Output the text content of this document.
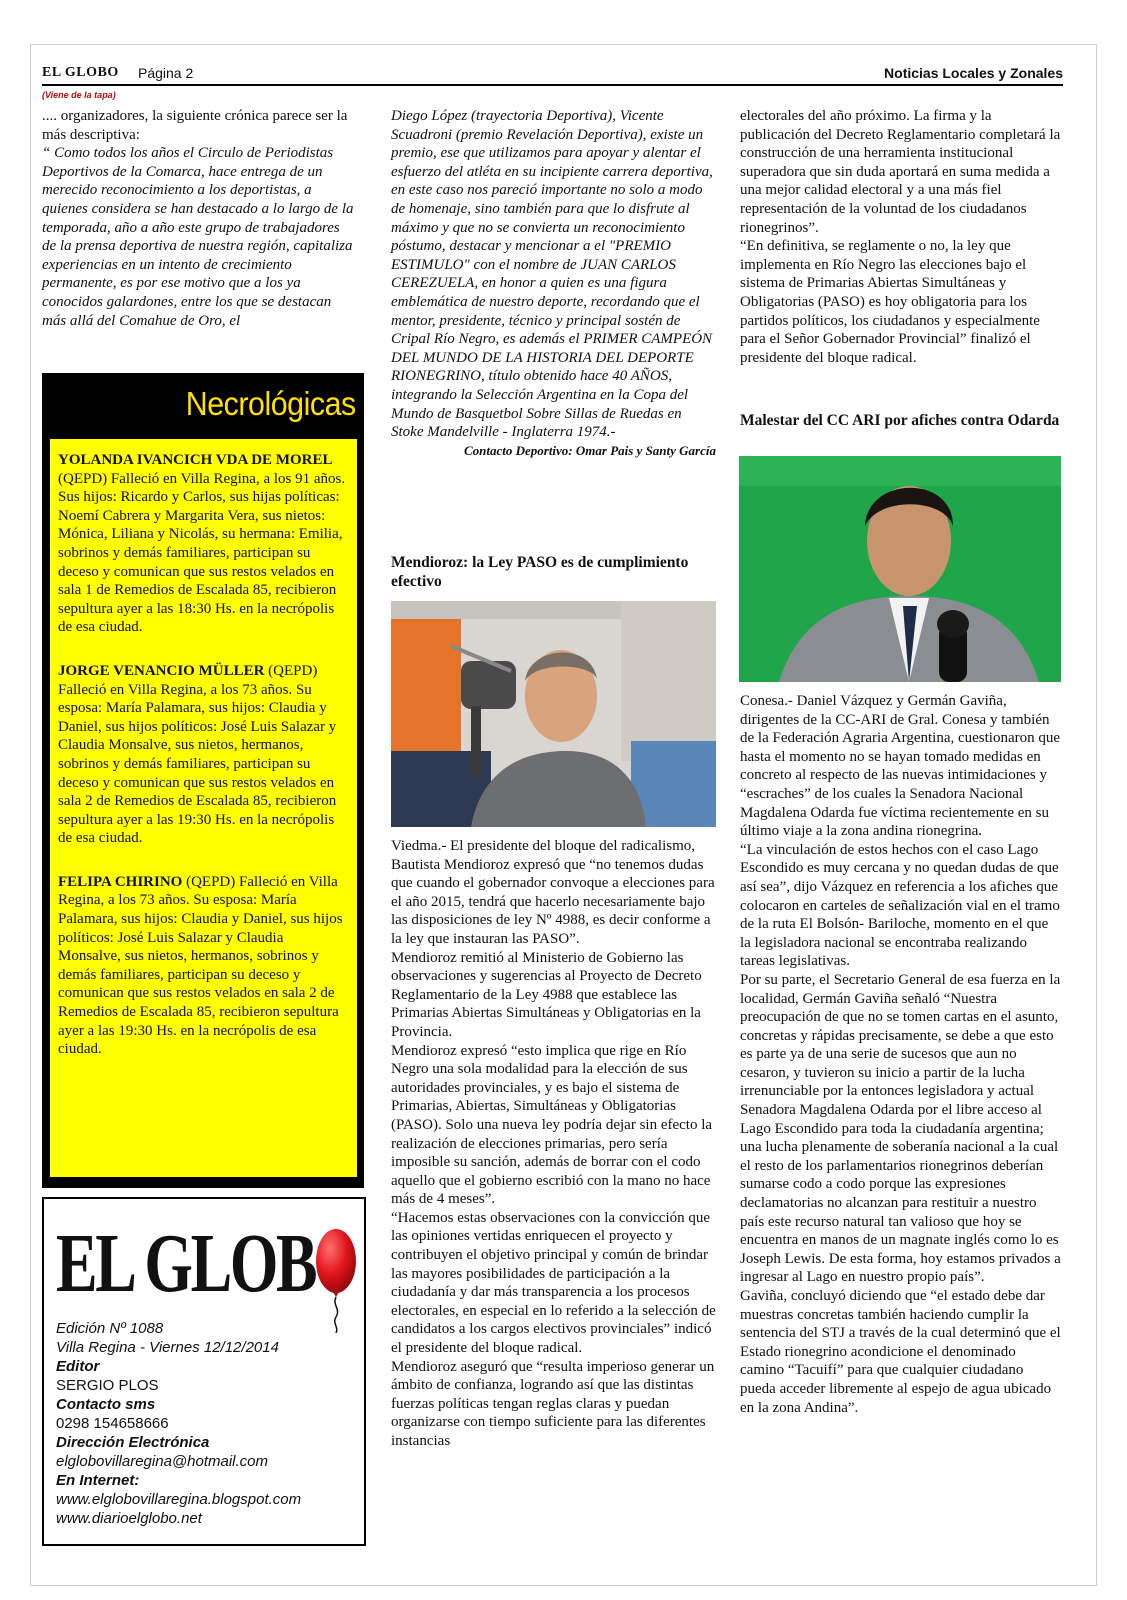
EL GLOBO Página 2	Noticias Locales y Zonales
(Viene de la tapa)

.... organizadores, la siguiente crónica parece ser la más descriptiva:

“ Como todos los años el Circulo de Periodistas Deportivos de la Comarca, hace entrega de un merecido reconocimiento a los deportistas, a quienes considera se han destacado a lo largo de la temporada, año a año este grupo de trabajadores de la prensa deportiva de nuestra región, capitaliza experiencias en un intento de crecimiento permanente, es por ese motivo que a los ya conocidos galardones, entre los que se destacan más allá del Comahue de Oro, el

Necrológicas

YOLANDA IVANCICH VDA DE MOREL (QEPD) Falleció en Villa Regina, a los 91 años. Sus hijos: Ricardo y Carlos, sus hijas políticas: Noemí Cabrera y Margarita Vera, sus nietos: Mónica, Liliana y Nicolás, su hermana: Emilia, sobrinos y demás familiares, participan su deceso y comunican que sus restos velados en sala 1 de Remedios de Escalada 85, recibieron sepultura ayer a las 18:30 Hs. en la necrópolis de esa ciudad.

JORGE VENANCIO MÜLLER (QEPD) Falleció en Villa Regina, a los 73 años. Su esposa: María Palamara, sus hijos: Claudia y Daniel, sus hijos políticos: José Luis Salazar y Claudia Monsalve, sus nietos, hermanos, sobrinos y demás familiares, participan su deceso y comunican que sus restos velados en sala 2 de Remedios de Escalada 85, recibieron sepultura ayer a las 19:30 Hs. en la necrópolis de esa ciudad.

FELIPA CHIRINO (QEPD) Falleció en Villa Regina, a los 73 años. Su esposa: María Palamara, sus hijos: Claudia y Daniel, sus hijos políticos: José Luis Salazar y Claudia Monsalve, sus nietos, hermanos, sobrinos y demás familiares, participan su deceso y comunican que sus restos velados en sala 2 de Remedios de Escalada 85, recibieron sepultura ayer a las 19:30 Hs. en la necrópolis de esa ciudad.

EL GLOB
Edición Nº 1088
Villa Regina - Viernes 12/12/2014
Editor
SERGIO PLOS
Contacto sms
0298 154658666
Dirección Electrónica
elglobovillaregina@hotmail.com
En Internet:
www.elglobovillaregina.blogspot.com
www.diarioelglobo.net

Diego López (trayectoria Deportiva), Vicente Scuadroni (premio Revelación Deportiva), existe un premio, ese que utilizamos para apoyar y alentar el esfuerzo del atléta en su incipiente carrera deportiva, en este caso nos pareció importante no solo a modo de homenaje, sino también para que lo disfrute al máximo y que no se convierta un reconocimiento póstumo, destacar y mencionar a el "PREMIO ESTIMULO" con el nombre de JUAN CARLOS CEREZUELA, en honor a quien es una figura emblemática de nuestro deporte, recordando que el mentor, presidente, técnico y principal sostén de Cripal Río Negro, es además el PRIMER CAMPEÓN DEL MUNDO DE LA HISTORIA DEL DEPORTE RIONEGRINO, título obtenido hace 40 AÑOS, integrando la Selección Argentina en la Copa del Mundo de Basquetbol Sobre Sillas de Ruedas en Stoke Mandelville - Inglaterra 1974.-

Contacto Deportivo: Omar Pais y Santy García

Mendioroz: la Ley PASO es de cumplimiento efectivo

Viedma.- El presidente del bloque del radicalismo, Bautista Mendioroz expresó que “no tenemos dudas que cuando el gobernador convoque a elecciones para el año 2015, tendrá que hacerlo necesariamente bajo las disposiciones de ley Nº 4988, es decir conforme a la ley que instauran las PASO”.

Mendioroz remitió al Ministerio de Gobierno las observaciones y sugerencias al Proyecto de Decreto Reglamentario de la Ley 4988 que establece las Primarias Abiertas Simultáneas y Obligatorias en la Provincia.

Mendioroz expresó “esto implica que rige en Río Negro una sola modalidad para la elección de sus autoridades provinciales, y es bajo el sistema de Primarias, Abiertas, Simultáneas y Obligatorias (PASO). Solo una nueva ley podría dejar sin efecto la realización de elecciones primarias, pero sería imposible su sanción, además de borrar con el codo aquello que el gobierno escribió con la mano no hace más de 4 meses”.

“Hacemos estas observaciones con la convicción que las opiniones vertidas enriquecen el proyecto y contribuyen el objetivo principal y común de brindar las mayores posibilidades de participación a la ciudadanía y dar más transparencia a los procesos electorales, en especial en lo referido a la selección de candidatos a los cargos electivos provinciales” indicó el presidente del bloque radical.

Mendioroz aseguró que “resulta imperioso generar un ámbito de confianza, logrando así que las distintas fuerzas políticas tengan reglas claras y puedan organizarse con tiempo suficiente para las diferentes instancias

electorales del año próximo. La firma y la publicación del Decreto Reglamentario completará la construcción de una herramienta institucional superadora que sin duda aportará en suma medida a una mejor calidad electoral y a una más fiel representación de la voluntad de los ciudadanos rionegrinos”.

“En definitiva, se reglamente o no, la ley que implementa en Río Negro las elecciones bajo el sistema de Primarias Abiertas Simultáneas y Obligatorias (PASO) es hoy obligatoria para los partidos políticos, los ciudadanos y especialmente para el Señor Gobernador Provincial” finalizó el presidente del bloque radical.

Malestar del CC ARI por afiches contra Odarda

Conesa.- Daniel Vázquez y Germán Gaviña, dirigentes de la CC-ARI de Gral. Conesa y también de la Federación Agraria Argentina, cuestionaron que hasta el momento no se hayan tomado medidas en concreto al respecto de las nuevas intimidaciones y “escraches” de los cuales la Senadora Nacional Magdalena Odarda fue víctima recientemente en su último viaje a la zona andina rionegrina.

“La vinculación de estos hechos con el caso Lago Escondido es muy cercana y no quedan dudas de que así sea”, dijo Vázquez en referencia a los afiches que colocaron en carteles de señalización vial en el tramo de la ruta El Bolsón- Bariloche, momento en el que la legisladora nacional se encontraba realizando tareas legislativas.

Por su parte, el Secretario General de esa fuerza en la localidad, Germán Gaviña señaló “Nuestra preocupación de que no se tomen cartas en el asunto, concretas y rápidas precisamente, se debe a que esto es parte ya de una serie de sucesos que aun no cesaron, y tuvieron su inicio a partir de la lucha irrenunciable por la entonces legisladora y actual Senadora Magdalena Odarda por el libre acceso al Lago Escondido para toda la ciudadanía argentina; una lucha plenamente de soberanía nacional a la cual el resto de los parlamentarios rionegrinos deberían sumarse codo a codo porque las expresiones declamatorias no alcanzan para restituir a nuestro país este recurso natural tan valioso que hoy se encuentra en manos de un magnate inglés como lo es Joseph Lewis. De esta forma, hoy estamos privados a ingresar al Lago en nuestro propio país”.

Gaviña, concluyó diciendo que “el estado debe dar muestras concretas también haciendo cumplir la sentencia del STJ a través de la cual determinó que el Estado rionegrino acondicione el denominado camino “Tacuifí” para que cualquier ciudadano pueda acceder libremente al espejo de agua ubicado en la zona Andina”.
